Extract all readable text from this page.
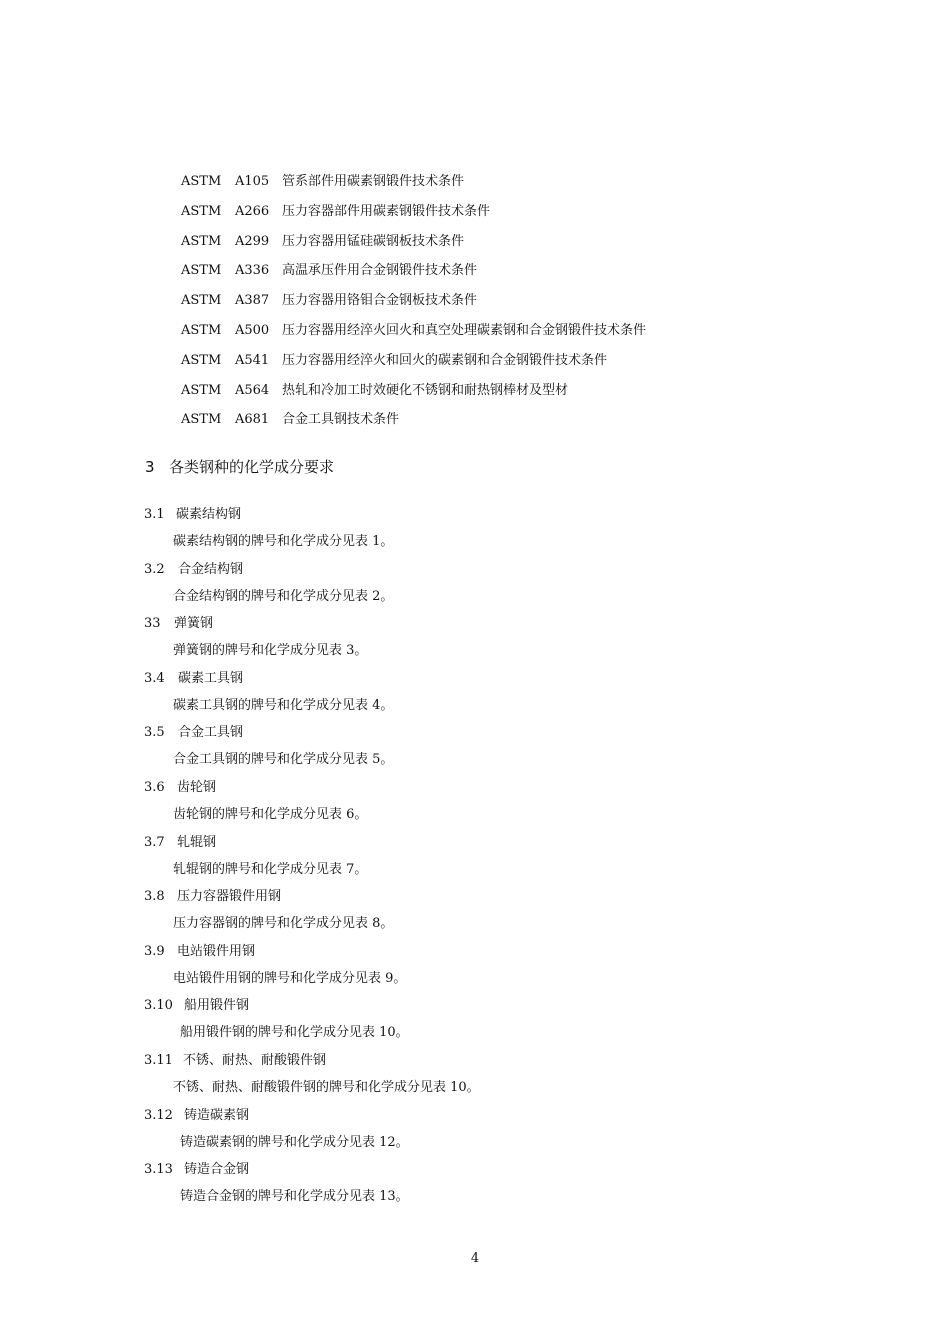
ASTM A105 管系部件用碳素钢锻件技术条件
ASTM A266 压力容器部件用碳素钢锻件技术条件
ASTM A299 压力容器用锰硅碳钢板技术条件
ASTM A336 高温承压件用合金钢锻件技术条件
ASTM A387 压力容器用铬钼合金钢板技术条件
ASTM A500 压力容器用经淬火回火和真空处理碳素钢和合金钢锻件技术条件
ASTM A541 压力容器用经淬火和回火的碳素钢和合金钢锻件技术条件
ASTM A564 热轧和冷加工时效硬化不锈钢和耐热钢棒材及型材
ASTM A681 合金工具钢技术条件
3 各类钢种的化学成分要求
3.1 碳素结构钢
碳素结构钢的牌号和化学成分见表 1。
3.2 合金结构钢
合金结构钢的牌号和化学成分见表 2。
33 弹簧钢
弹簧钢的牌号和化学成分见表 3。
3.4 碳素工具钢
碳素工具钢的牌号和化学成分见表 4。
3.5 合金工具钢
合金工具钢的牌号和化学成分见表 5。
3.6 齿轮钢
齿轮钢的牌号和化学成分见表 6。
3.7 轧辊钢
轧辊钢的牌号和化学成分见表 7。
3.8 压力容器锻件用钢
压力容器钢的牌号和化学成分见表 8。
3.9 电站锻件用钢
电站锻件用钢的牌号和化学成分见表 9。
3.10 船用锻件钢
船用锻件钢的牌号和化学成分见表 10。
3.11 不锈、耐热、耐酸锻件钢
不锈、耐热、耐酸锻件钢的牌号和化学成分见表 10。
3.12 铸造碳素钢
铸造碳素钢的牌号和化学成分见表 12。
3.13 铸造合金钢
铸造合金钢的牌号和化学成分见表 13。
4
